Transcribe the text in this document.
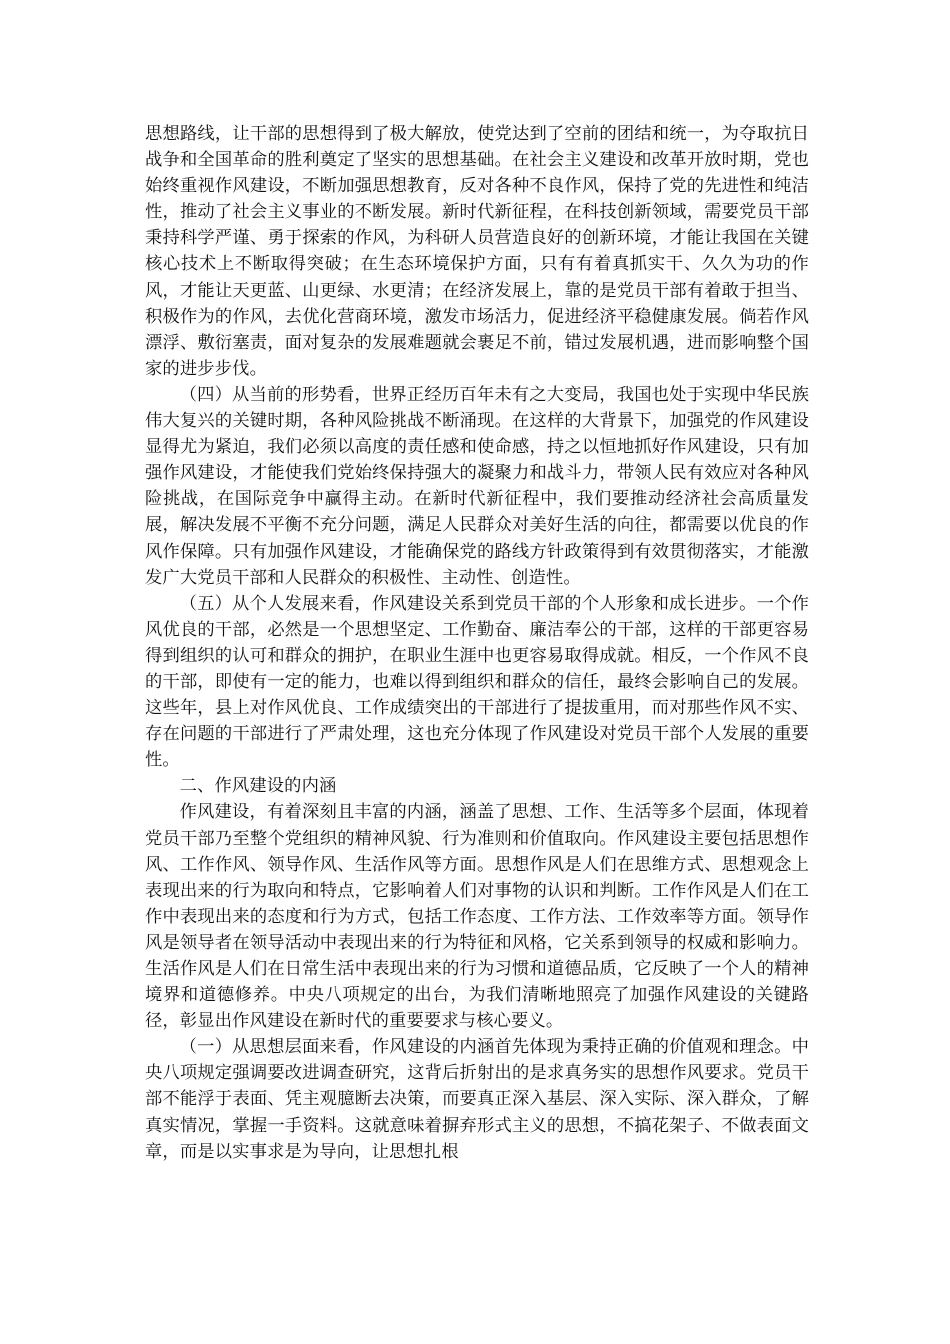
思想路线，让干部的思想得到了极大解放，使党达到了空前的团结和统一，为夺取抗日战争和全国革命的胜利奠定了坚实的思想基础。在社会主义建设和改革开放时期，党也始终重视作风建设，不断加强思想教育，反对各种不良作风，保持了党的先进性和纯洁性，推动了社会主义事业的不断发展。新时代新征程，在科技创新领域，需要党员干部秉持科学严谨、勇于探索的作风，为科研人员营造良好的创新环境，才能让我国在关键核心技术上不断取得突破；在生态环境保护方面，只有有着真抓实干、久久为功的作风，才能让天更蓝、山更绿、水更清；在经济发展上，靠的是党员干部有着敢于担当、积极作为的作风，去优化营商环境，激发市场活力，促进经济平稳健康发展。倘若作风漂浮、敷衍塞责，面对复杂的发展难题就会裹足不前，错过发展机遇，进而影响整个国家的进步步伐。

（四）从当前的形势看，世界正经历百年未有之大变局，我国也处于实现中华民族伟大复兴的关键时期，各种风险挑战不断涌现。在这样的大背景下，加强党的作风建设显得尤为紧迫，我们必须以高度的责任感和使命感，持之以恒地抓好作风建设，只有加强作风建设，才能使我们党始终保持强大的凝聚力和战斗力，带领人民有效应对各种风险挑战，在国际竞争中赢得主动。在新时代新征程中，我们要推动经济社会高质量发展，解决发展不平衡不充分问题，满足人民群众对美好生活的向往，都需要以优良的作风作保障。只有加强作风建设，才能确保党的路线方针政策得到有效贯彻落实，才能激发广大党员干部和人民群众的积极性、主动性、创造性。

（五）从个人发展来看，作风建设关系到党员干部的个人形象和成长进步。一个作风优良的干部，必然是一个思想坚定、工作勤奋、廉洁奉公的干部，这样的干部更容易得到组织的认可和群众的拥护，在职业生涯中也更容易取得成就。相反，一个作风不良的干部，即使有一定的能力，也难以得到组织和群众的信任，最终会影响自己的发展。这些年，县上对作风优良、工作成绩突出的干部进行了提拔重用，而对那些作风不实、存在问题的干部进行了严肃处理，这也充分体现了作风建设对党员干部个人发展的重要性。

二、作风建设的内涵

作风建设，有着深刻且丰富的内涵，涵盖了思想、工作、生活等多个层面，体现着党员干部乃至整个党组织的精神风貌、行为准则和价值取向。作风建设主要包括思想作风、工作作风、领导作风、生活作风等方面。思想作风是人们在思维方式、思想观念上表现出来的行为取向和特点，它影响着人们对事物的认识和判断。工作作风是人们在工作中表现出来的态度和行为方式，包括工作态度、工作方法、工作效率等方面。领导作风是领导者在领导活动中表现出来的行为特征和风格，它关系到领导的权威和影响力。生活作风是人们在日常生活中表现出来的行为习惯和道德品质，它反映了一个人的精神境界和道德修养。中央八项规定的出台，为我们清晰地照亮了加强作风建设的关键路径，彰显出作风建设在新时代的重要要求与核心要义。

（一）从思想层面来看，作风建设的内涵首先体现为秉持正确的价值观和理念。中央八项规定强调要改进调查研究，这背后折射出的是求真务实的思想作风要求。党员干部不能浮于表面、凭主观臆断去决策，而要真正深入基层、深入实际、深入群众，了解真实情况，掌握一手资料。这就意味着摒弃形式主义的思想，不搞花架子、不做表面文章，而是以实事求是为导向，让思想扎根
